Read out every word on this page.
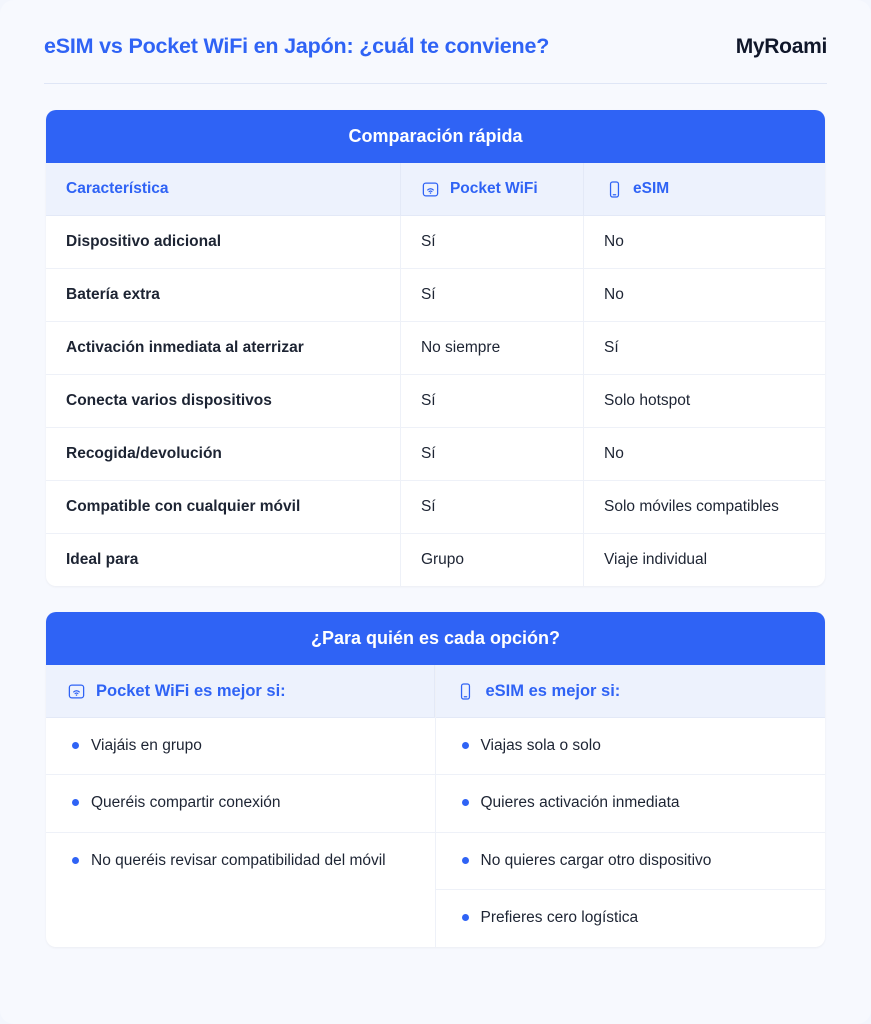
eSIM vs Pocket WiFi en Japón: ¿cuál te conviene?	MyRoami
Comparación rápida
Característica	Pocket WiFi	eSIM

Dispositivo adicional	Sí	No
Batería extra	Sí	No
Activación inmediata al aterrizar	No siempre	Sí
Conecta varios dispositivos	Sí	Solo hotspot
Recogida/devolución	Sí	No
Compatible con cualquier móvil	Sí	Solo móviles compatibles
Ideal para	Grupo	Viaje individual
¿Para quién es cada opción?
Pocket WiFi es mejor si:
Viajáis en grupo
Queréis compartir conexión
No queréis revisar compatibilidad del móvil
eSIM es mejor si:
Viajas sola o solo
Quieres activación inmediata
No quieres cargar otro dispositivo
Prefieres cero logística
